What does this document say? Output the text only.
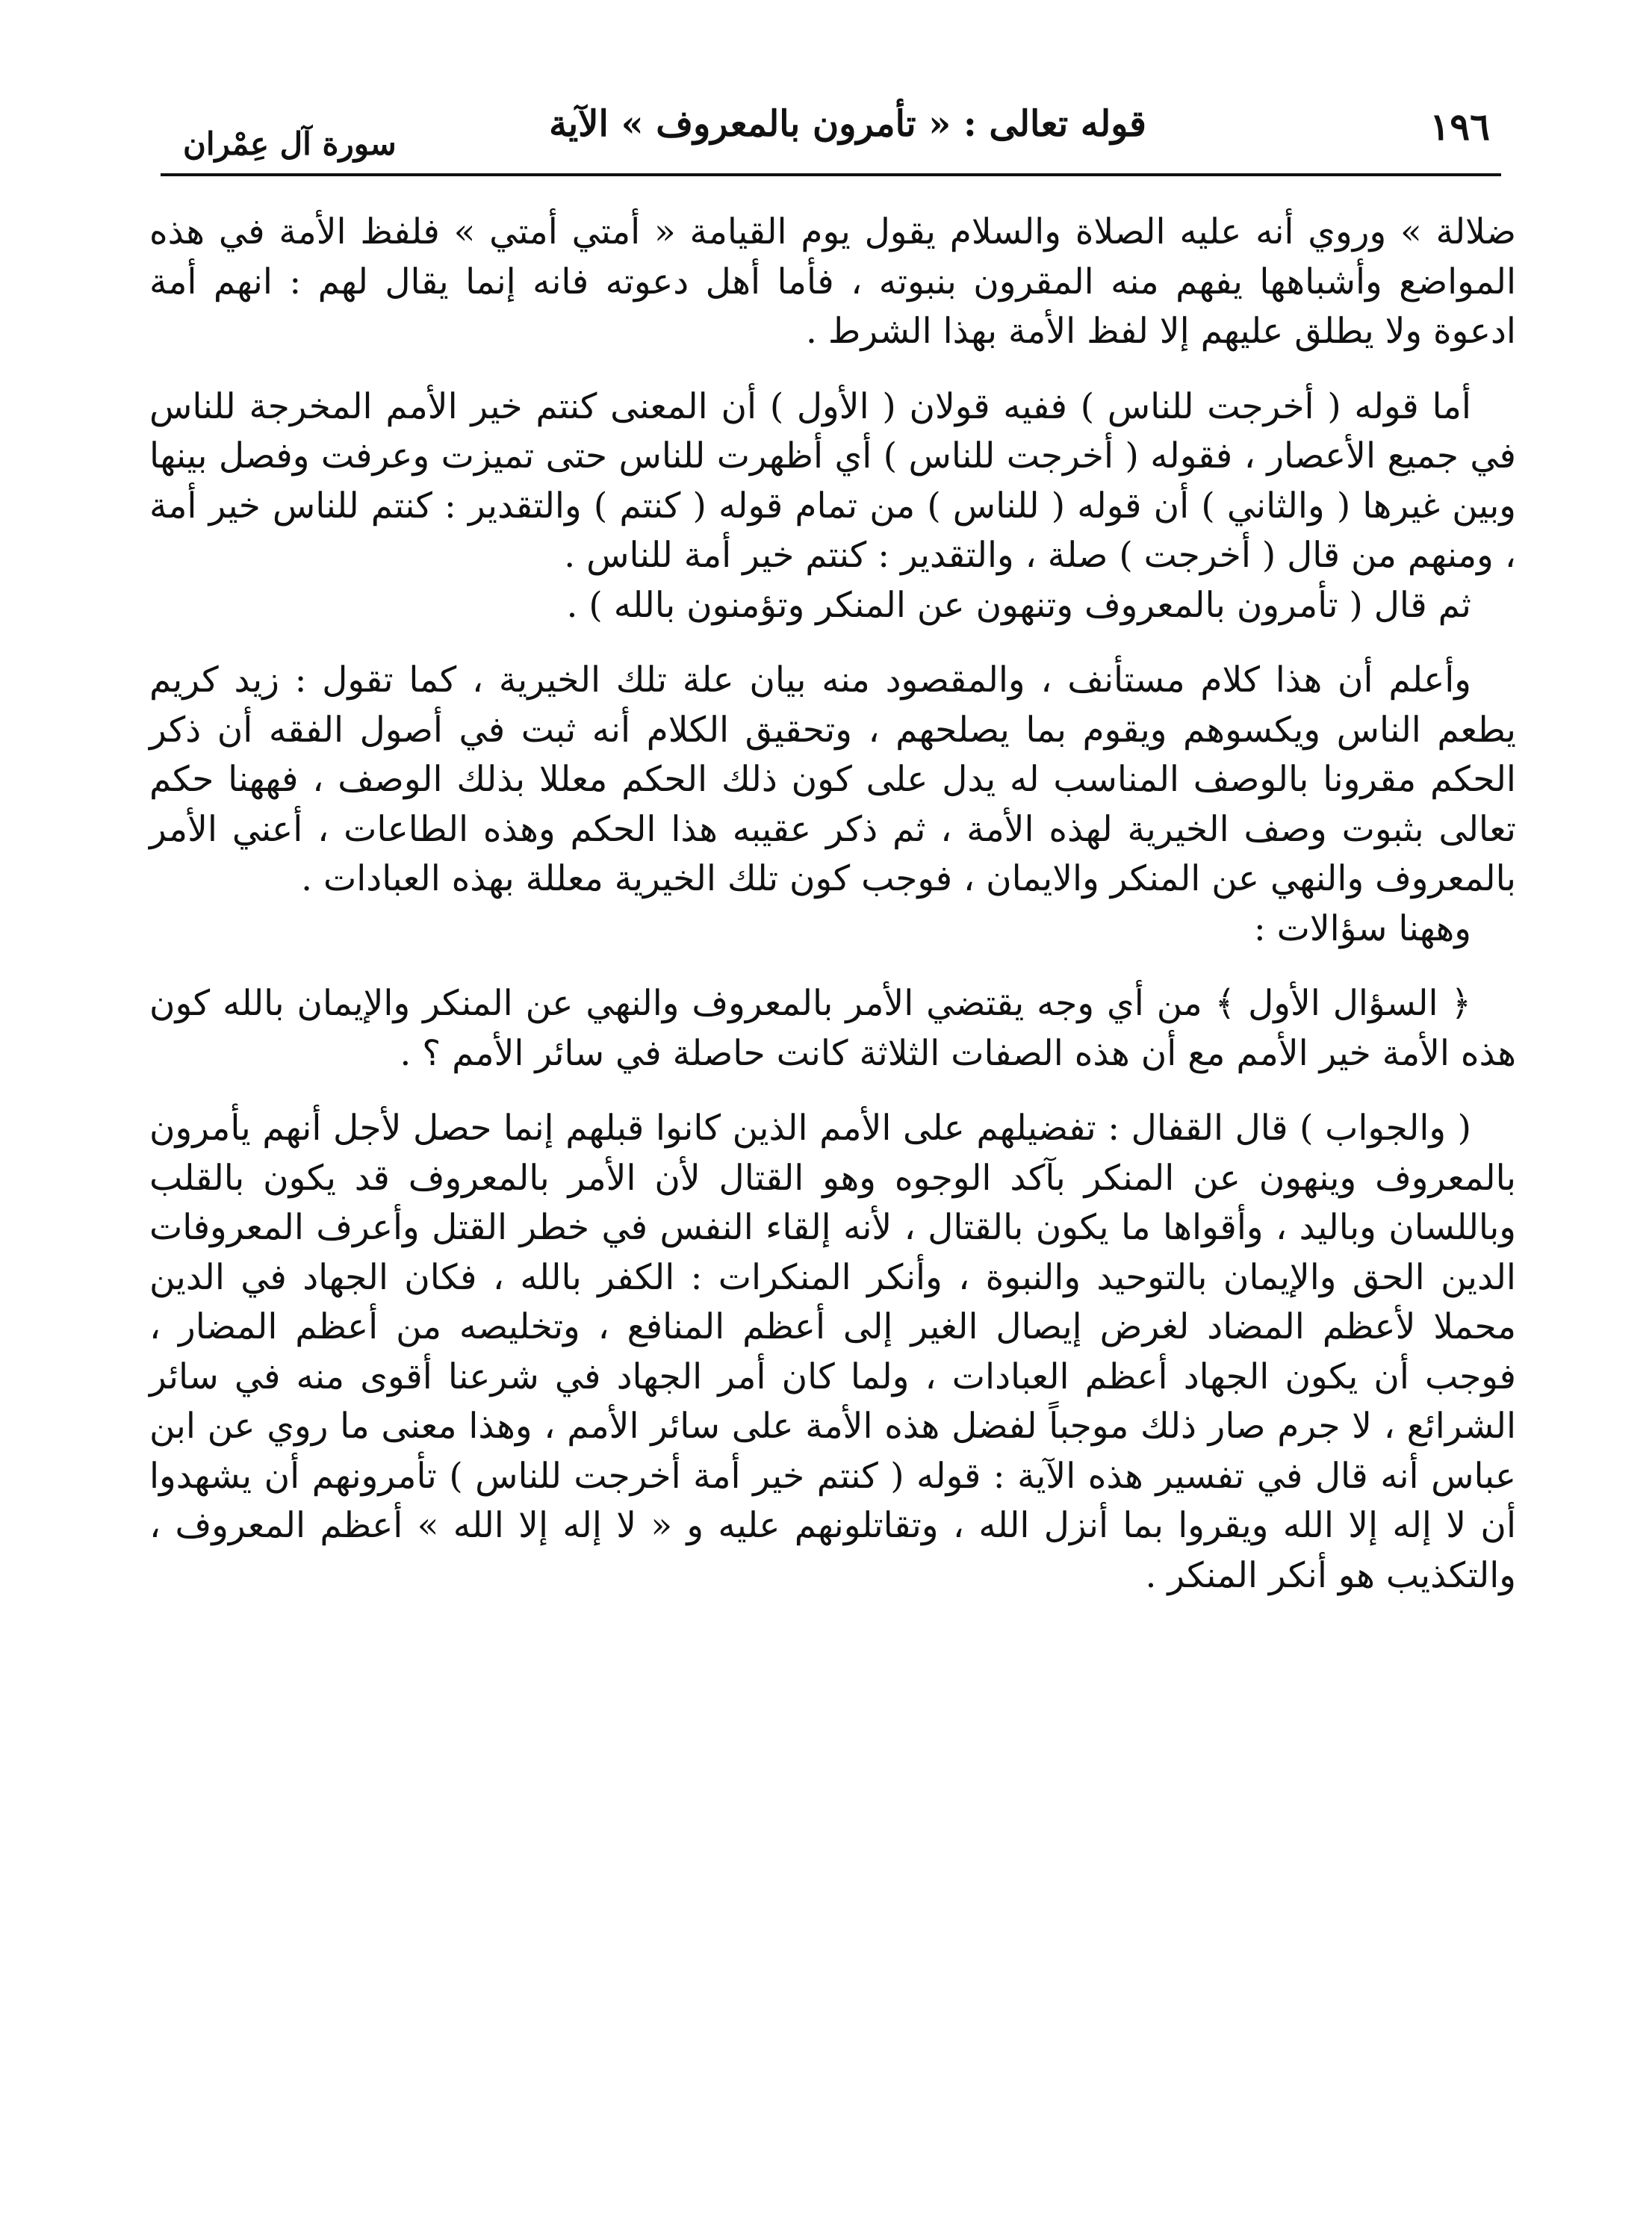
١٩٦
قوله تعالى : « تأمرون بالمعروف » الآية
سورة آل عِمْران

ضلالة » وروي أنه عليه الصلاة والسلام يقول يوم القيامة « أمتي أمتي » فلفظ الأمة في هذه المواضع وأشباهها يفهم منه المقرون بنبوته ، فأما أهل دعوته فانه إنما يقال لهم : انهم أمة ادعوة ولا يطلق عليهم إلا لفظ الأمة بهذا الشرط .

أما قوله ( أخرجت للناس ) ففيه قولان ( الأول ) أن المعنى كنتم خير الأمم المخرجة للناس في جميع الأعصار ، فقوله ( أخرجت للناس ) أي أظهرت للناس حتى تميزت وعرفت وفصل بينها وبين غيرها ( والثاني ) أن قوله ( للناس ) من تمام قوله ( كنتم ) والتقدير : كنتم للناس خير أمة ، ومنهم من قال ( أخرجت ) صلة ، والتقدير : كنتم خير أمة للناس .

ثم قال ( تأمرون بالمعروف وتنهون عن المنكر وتؤمنون بالله ) .

وأعلم أن هذا كلام مستأنف ، والمقصود منه بيان علة تلك الخيرية ، كما تقول : زيد كريم يطعم الناس ويكسوهم ويقوم بما يصلحهم ، وتحقيق الكلام أنه ثبت في أصول الفقه أن ذكر الحكم مقرونا بالوصف المناسب له يدل على كون ذلك الحكم معللا بذلك الوصف ، فههنا حكم تعالى بثبوت وصف الخيرية لهذه الأمة ، ثم ذكر عقيبه هذا الحكم وهذه الطاعات ، أعني الأمر بالمعروف والنهي عن المنكر والايمان ، فوجب كون تلك الخيرية معللة بهذه العبادات .

وههنا سؤالات :

﴿ السؤال الأول ﴾ من أي وجه يقتضي الأمر بالمعروف والنهي عن المنكر والإيمان بالله كون هذه الأمة خير الأمم مع أن هذه الصفات الثلاثة كانت حاصلة في سائر الأمم ؟ .

( والجواب ) قال القفال : تفضيلهم على الأمم الذين كانوا قبلهم إنما حصل لأجل أنهم يأمرون بالمعروف وينهون عن المنكر بآكد الوجوه وهو القتال لأن الأمر بالمعروف قد يكون بالقلب وباللسان وباليد ، وأقواها ما يكون بالقتال ، لأنه إلقاء النفس في خطر القتل وأعرف المعروفات الدين الحق والإيمان بالتوحيد والنبوة ، وأنكر المنكرات : الكفر بالله ، فكان الجهاد في الدين محملا لأعظم المضاد لغرض إيصال الغير إلى أعظم المنافع ، وتخليصه من أعظم المضار ، فوجب أن يكون الجهاد أعظم العبادات ، ولما كان أمر الجهاد في شرعنا أقوى منه في سائر الشرائع ، لا جرم صار ذلك موجباً لفضل هذه الأمة على سائر الأمم ، وهذا معنى ما روي عن ابن عباس أنه قال في تفسير هذه الآية : قوله ( كنتم خير أمة أخرجت للناس ) تأمرونهم أن يشهدوا أن لا إله إلا الله ويقروا بما أنزل الله ، وتقاتلونهم عليه و « لا إله إلا الله » أعظم المعروف ، والتكذيب هو أنكر المنكر .
